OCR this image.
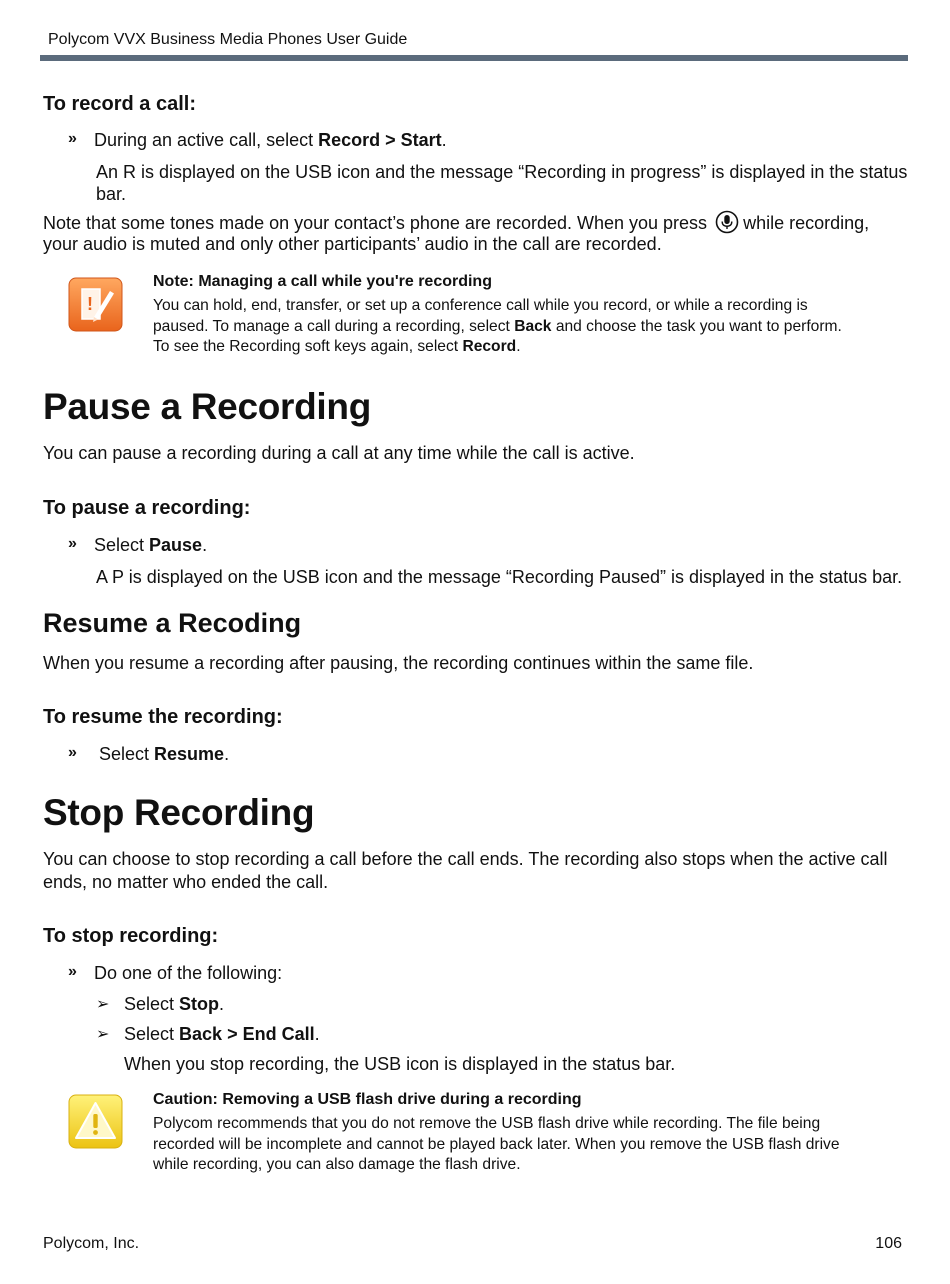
Polycom VVX Business Media Phones User Guide
To record a call:
» During an active call, select Record > Start.
An R is displayed on the USB icon and the message “Recording in progress” is displayed in the status bar.
Note that some tones made on your contact’s phone are recorded. When you press while recording,
your audio is muted and only other participants’ audio in the call are recorded.
!
Note: Managing a call while you're recording
You can hold, end, transfer, or set up a conference call while you record, or while a recording is
paused. To manage a call during a recording, select Back and choose the task you want to perform.
To see the Recording soft keys again, select Record.
Pause a Recording
You can pause a recording during a call at any time while the call is active.
To pause a recording:
» Select Pause.
A P is displayed on the USB icon and the message “Recording Paused” is displayed in the status bar.
Resume a Recoding
When you resume a recording after pausing, the recording continues within the same file.
To resume the recording:
» Select Resume.
Stop Recording
You can choose to stop recording a call before the call ends. The recording also stops when the active call
ends, no matter who ended the call.
To stop recording:
» Do one of the following:
➢ Select Stop.
➢ Select Back > End Call.
When you stop recording, the USB icon is displayed in the status bar.
Caution: Removing a USB flash drive during a recording
Polycom recommends that you do not remove the USB flash drive while recording. The file being
recorded will be incomplete and cannot be played back later. When you remove the USB flash drive
while recording, you can also damage the flash drive.
Polycom, Inc.	106
